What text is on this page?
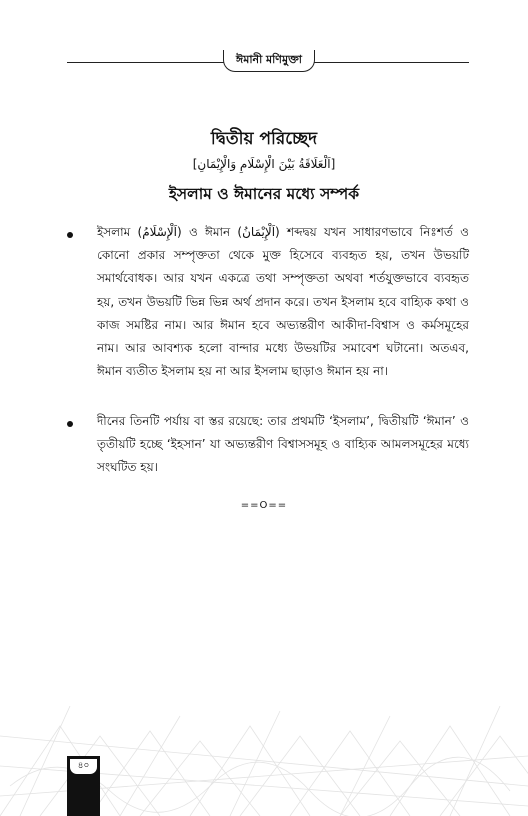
ঈমানী মণিমুক্তা
দ্বিতীয় পরিচ্ছেদ
[اَلْعَلَاقَةُ بَيْنَ الْإِسْلَامِ وَالْإِيْمَانِ]
ইসলাম ও ঈমানের মধ্যে সম্পর্ক
ইসলাম (اَلْإِسْلَامُ) ও ঈমান (اَلْإِيْمَانُ) শব্দদ্বয় যখন সাধারণভাবে নিঃশর্ত ও কোনো প্রকার সম্পৃক্ততা থেকে মুক্ত হিসেবে ব্যবহৃত হয়, তখন উভয়টি সমার্থবোধক। আর যখন একত্রে তথা সম্পৃক্ততা অথবা শর্তযুক্তভাবে ব্যবহৃত হয়, তখন উভয়টি ভিন্ন ভিন্ন অর্থ প্রদান করে। তখন ইসলাম হবে বাহ্যিক কথা ও কাজ সমষ্টির নাম। আর ঈমান হবে অভ্যন্তরীণ আকীদা-বিশ্বাস ও কর্মসমূহের নাম। আর আবশ্যক হলো বান্দার মধ্যে উভয়টির সমাবেশ ঘটানো। অতএব, ঈমান ব্যতীত ইসলাম হয় না আর ইসলাম ছাড়াও ঈমান হয় না।
দীনের তিনটি পর্যায় বা স্তর রয়েছে: তার প্রথমটি ‘ইসলাম’, দ্বিতীয়টি ‘ঈমান’ ও তৃতীয়টি হচ্ছে ‘ইহসান’ যা অভ্যন্তরীণ বিশ্বাসসমূহ ও বাহ্যিক আমলসমূহের মধ্যে সংঘটিত হয়।
==O==
৪০
